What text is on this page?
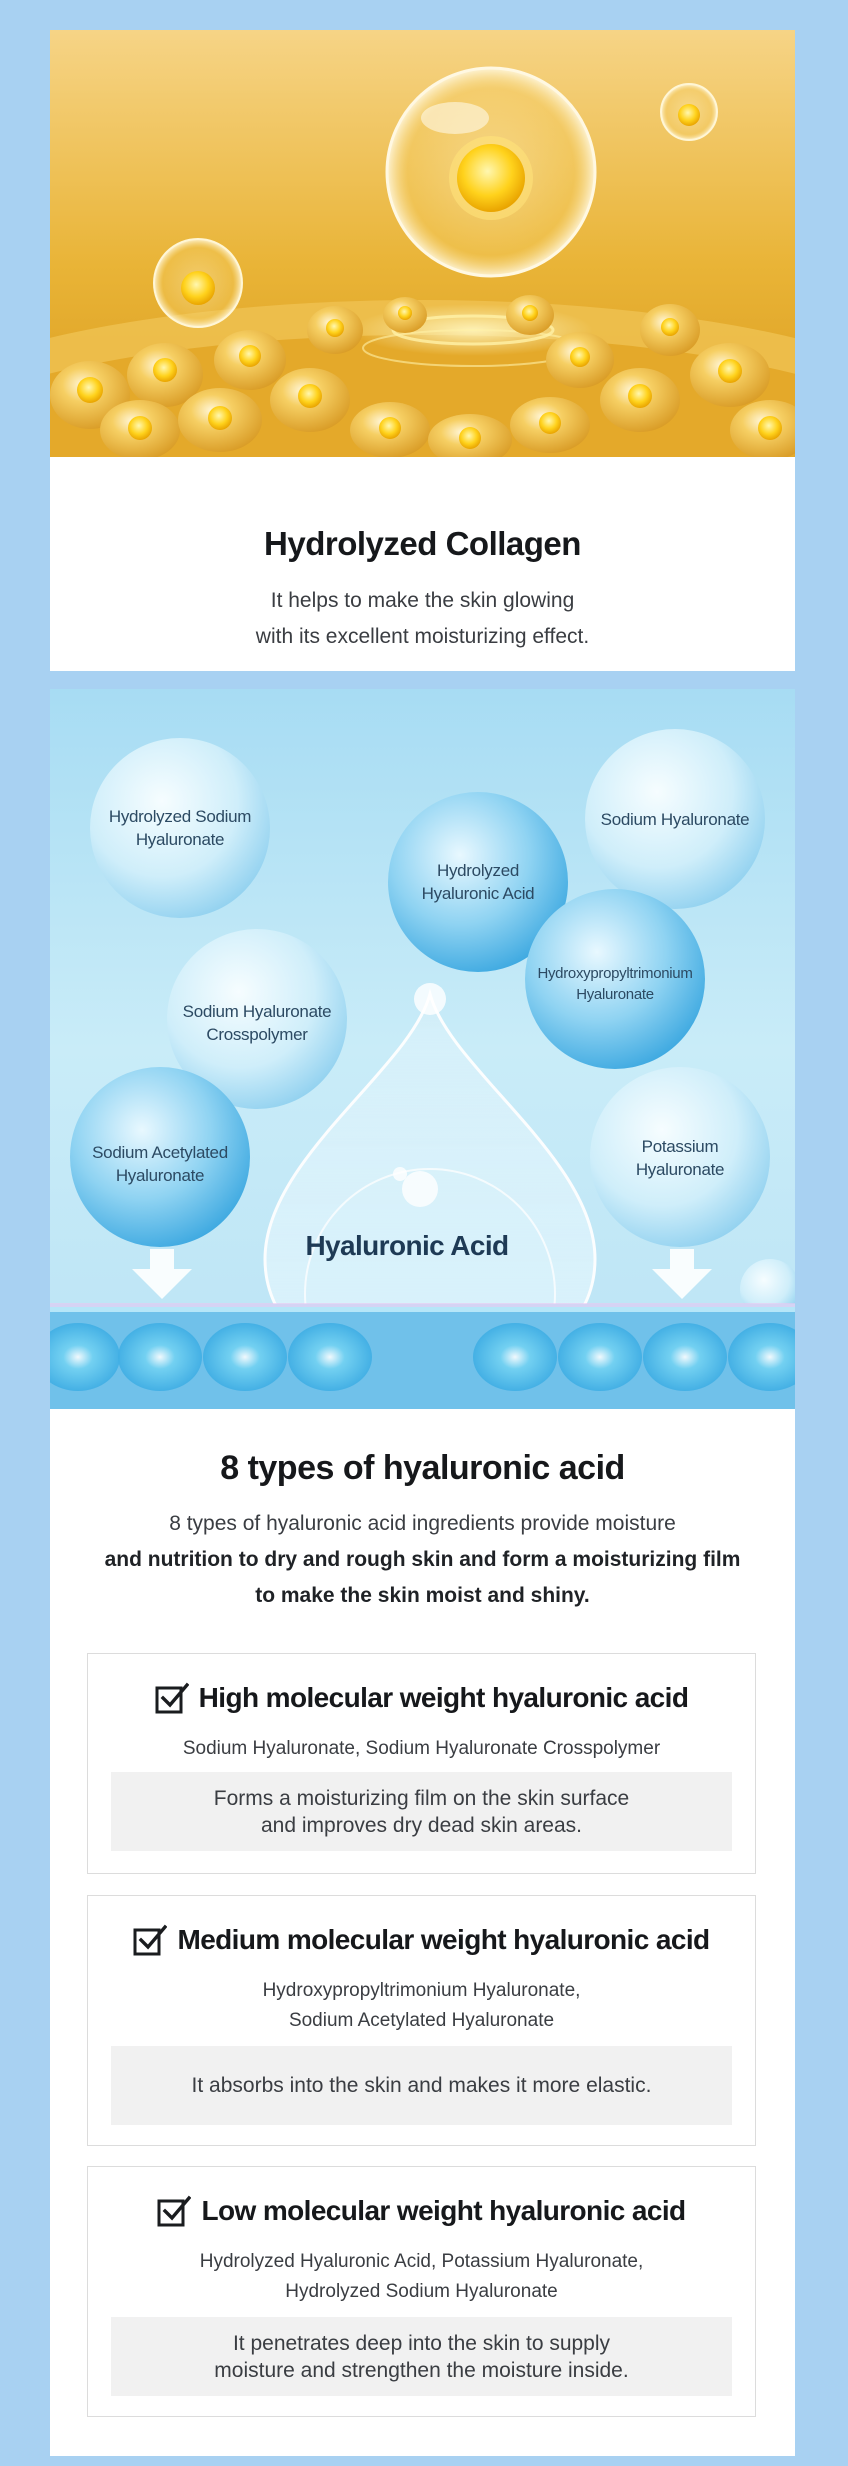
Hydrolyzed Collagen
It helps to make the skin glowing
with its excellent moisturizing effect.
Hydrolyzed Sodium
Hyaluronate
Hydrolyzed
Hyaluronic Acid
Sodium Hyaluronate
Hydroxypropyltrimonium
Hyaluronate
Sodium Hyaluronate
Crosspolymer
Sodium Acetylated
Hyaluronate
Potassium
Hyaluronate
Hyaluronic Acid
8 types of hyaluronic acid
8 types of hyaluronic acid ingredients provide moisture
and nutrition to dry and rough skin and form a moisturizing film
to make the skin moist and shiny.
High molecular weight hyaluronic acid
Sodium Hyaluronate, Sodium Hyaluronate Crosspolymer
Forms a moisturizing film on the skin surface
and improves dry dead skin areas.
Medium molecular weight hyaluronic acid
Hydroxypropyltrimonium Hyaluronate,
Sodium Acetylated Hyaluronate
It absorbs into the skin and makes it more elastic.
Low molecular weight hyaluronic acid
Hydrolyzed Hyaluronic Acid, Potassium Hyaluronate,
Hydrolyzed Sodium Hyaluronate
It penetrates deep into the skin to supply
moisture and strengthen the moisture inside.
